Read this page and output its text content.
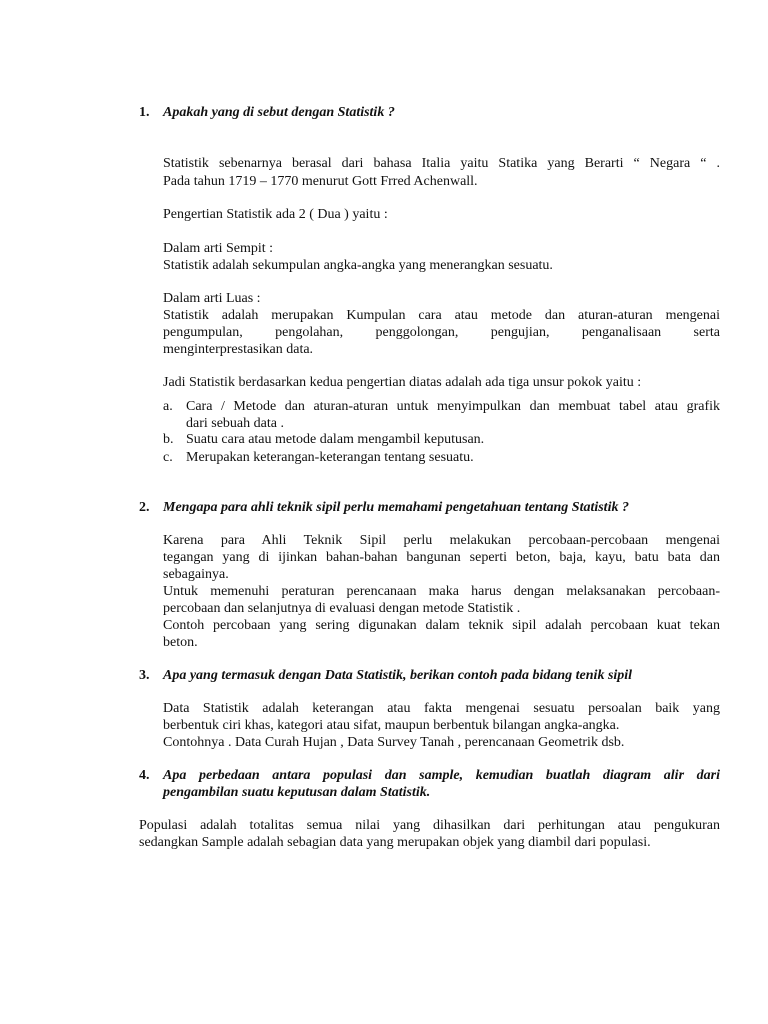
1. Apakah yang di sebut dengan Statistik ?
Statistik sebenarnya berasal dari bahasa Italia yaitu Statika yang Berarti “ Negara “ .
Pada tahun 1719 – 1770 menurut Gott Frred Achenwall.
Pengertian Statistik ada 2 ( Dua ) yaitu :
Dalam arti Sempit :
Statistik adalah sekumpulan angka-angka yang menerangkan sesuatu.
Dalam arti Luas :
Statistik adalah merupakan Kumpulan cara atau metode dan aturan-aturan mengenai
pengumpulan, pengolahan, penggolongan, pengujian, penganalisaan serta
menginterprestasikan data.
Jadi Statistik berdasarkan kedua pengertian diatas adalah ada tiga unsur pokok yaitu :
a. Cara / Metode dan aturan-aturan untuk menyimpulkan dan membuat tabel atau grafik
dari sebuah data .
b. Suatu cara atau metode dalam mengambil keputusan.
c. Merupakan keterangan-keterangan tentang sesuatu.
2. Mengapa para ahli teknik sipil perlu memahami pengetahuan tentang Statistik ?
Karena para Ahli Teknik Sipil perlu melakukan percobaan-percobaan mengenai
tegangan yang di ijinkan bahan-bahan bangunan seperti beton, baja, kayu, batu bata dan
sebagainya.
Untuk memenuhi peraturan perencanaan maka harus dengan melaksanakan percobaan-
percobaan dan selanjutnya di evaluasi dengan metode Statistik .
Contoh percobaan yang sering digunakan dalam teknik sipil adalah percobaan kuat tekan
beton.
3. Apa yang termasuk dengan Data Statistik, berikan contoh pada bidang tenik sipil
Data Statistik adalah keterangan atau fakta mengenai sesuatu persoalan baik yang
berbentuk ciri khas, kategori atau sifat, maupun berbentuk bilangan angka-angka.
Contohnya . Data Curah Hujan , Data Survey Tanah , perencanaan Geometrik dsb.
4. Apa perbedaan antara populasi dan sample, kemudian buatlah diagram alir dari
pengambilan suatu keputusan dalam Statistik.
Populasi adalah totalitas semua nilai yang dihasilkan dari perhitungan atau pengukuran
sedangkan Sample adalah sebagian data yang merupakan objek yang diambil dari populasi.
